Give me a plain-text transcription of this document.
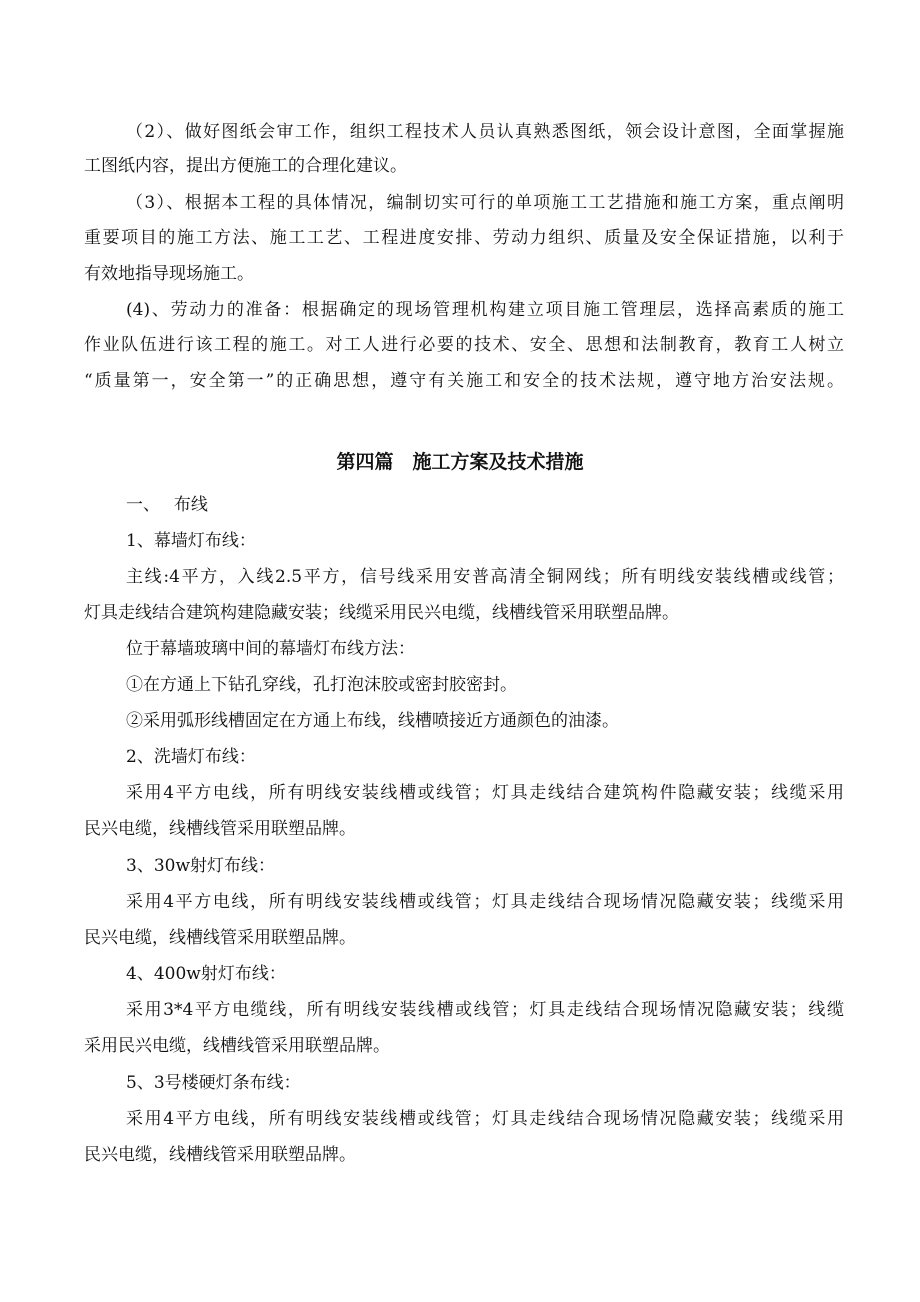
（2）、做好图纸会审工作，组织工程技术人员认真熟悉图纸，领会设计意图，全面掌握施
工图纸内容，提出方便施工的合理化建议。
（3）、根据本工程的具体情况，编制切实可行的单项施工工艺措施和施工方案，重点阐明
重要项目的施工方法、施工工艺、工程进度安排、劳动力组织、质量及安全保证措施，以利于
有效地指导现场施工。
(4)、劳动力的准备：根据确定的现场管理机构建立项目施工管理层，选择高素质的施工
作业队伍进行该工程的施工。对工人进行必要的技术、安全、思想和法制教育，教育工人树立
“质量第一，安全第一”的正确思想，遵守有关施工和安全的技术法规，遵守地方治安法规。
第四篇　施工方案及技术措施
一、　 布线
1、幕墙灯布线：
主线:4平方，入线2.5平方，信号线采用安普高清全铜网线；所有明线安装线槽或线管；
灯具走线结合建筑构建隐藏安装；线缆采用民兴电缆，线槽线管采用联塑品牌。
位于幕墙玻璃中间的幕墙灯布线方法：
①在方通上下钻孔穿线，孔打泡沫胶或密封胶密封。
②采用弧形线槽固定在方通上布线，线槽喷接近方通颜色的油漆。
2、洗墙灯布线：
采用4平方电线，所有明线安装线槽或线管；灯具走线结合建筑构件隐藏安装；线缆采用
民兴电缆，线槽线管采用联塑品牌。
3、30w射灯布线：
采用4平方电线，所有明线安装线槽或线管；灯具走线结合现场情况隐藏安装；线缆采用
民兴电缆，线槽线管采用联塑品牌。
4、400w射灯布线：
采用3*4平方电缆线，所有明线安装线槽或线管；灯具走线结合现场情况隐藏安装；线缆
采用民兴电缆，线槽线管采用联塑品牌。
5、3号楼硬灯条布线：
采用4平方电线，所有明线安装线槽或线管；灯具走线结合现场情况隐藏安装；线缆采用
民兴电缆，线槽线管采用联塑品牌。
